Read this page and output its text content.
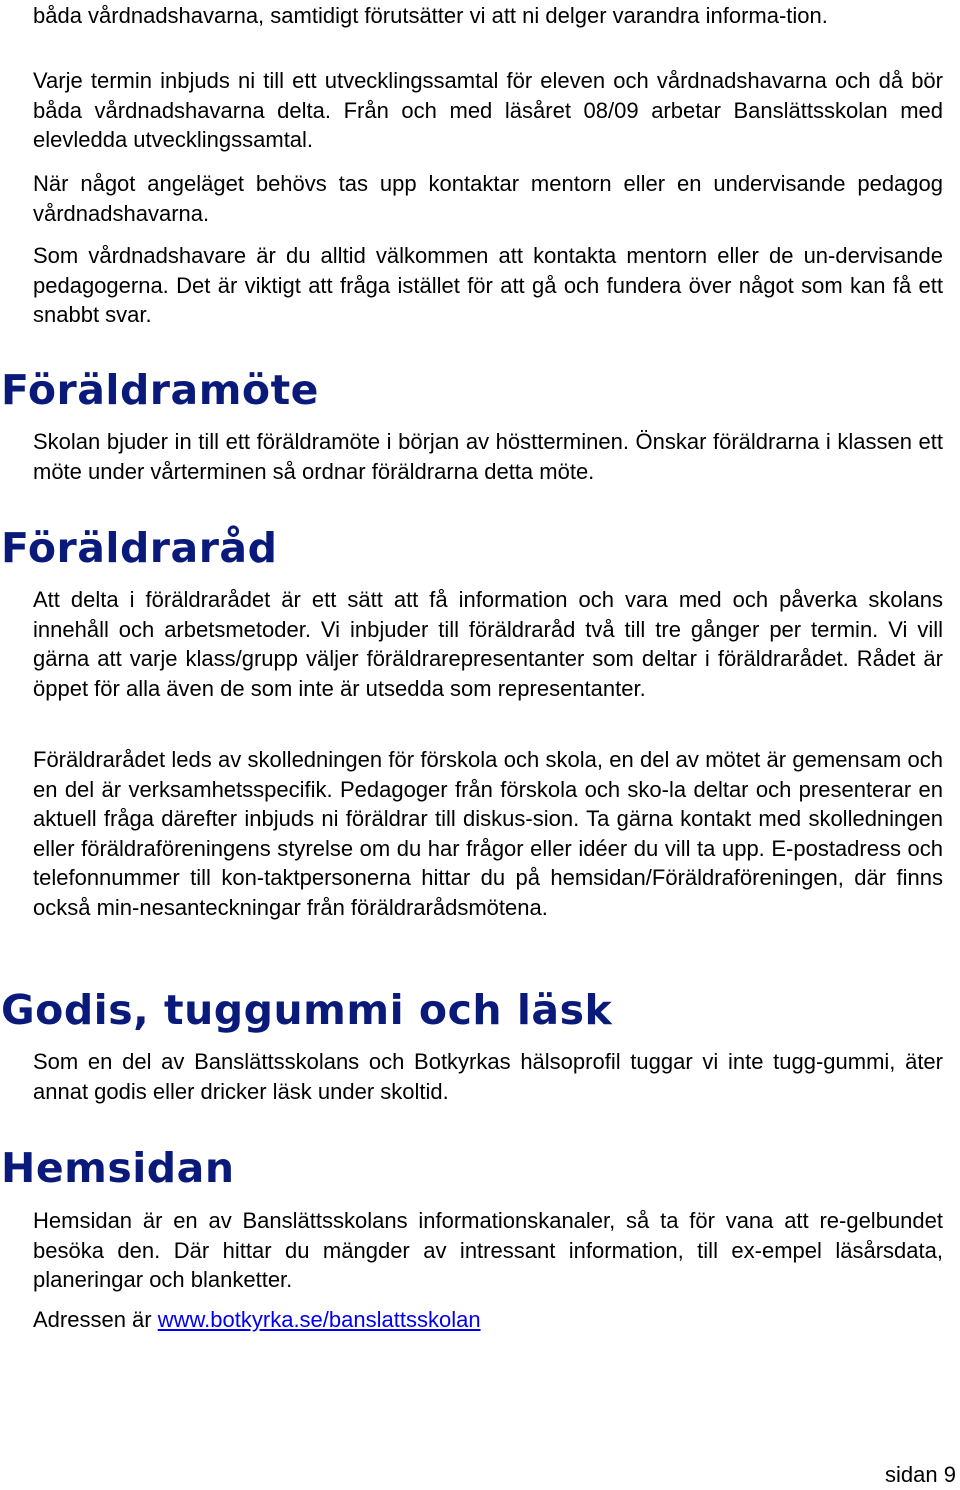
båda vårdnadshavarna, samtidigt förutsätter vi att ni delger varandra informa-tion.

Varje termin inbjuds ni till ett utvecklingssamtal för eleven och vårdnadshavarna och då bör båda vårdnadshavarna delta. Från och med läsåret 08/09 arbetar Banslättsskolan med elevledda utvecklingssamtal.

När något angeläget behövs tas upp kontaktar mentorn eller en undervisande pedagog vårdnadshavarna.

Som vårdnadshavare är du alltid välkommen att kontakta mentorn eller de un-dervisande pedagogerna. Det är viktigt att fråga istället för att gå och fundera över något som kan få ett snabbt svar.

Föräldramöte

Skolan bjuder in till ett föräldramöte i början av höstterminen. Önskar föräldrarna i klassen ett möte under vårterminen så ordnar föräldrarna detta möte.

Föräldraråd

Att delta i föräldrarådet är ett sätt att få information och vara med och påverka skolans innehåll och arbetsmetoder. Vi inbjuder till föräldraråd två till tre gånger per termin. Vi vill gärna att varje klass/grupp väljer föräldrarepresentanter som deltar i föräldrarådet. Rådet är öppet för alla även de som inte är utsedda som representanter.

Föräldrarådet leds av skolledningen för förskola och skola, en del av mötet är gemensam och en del är verksamhetsspecifik. Pedagoger från förskola och sko-la deltar och presenterar en aktuell fråga därefter inbjuds ni föräldrar till diskus-sion. Ta gärna kontakt med skolledningen eller föräldraföreningens styrelse om du har frågor eller idéer du vill ta upp. E-postadress och telefonnummer till kon-taktpersonerna hittar du på hemsidan/Föräldraföreningen, där finns också min-nesanteckningar från föräldrarådsmötena.

Godis, tuggummi och läsk

Som en del av Banslättsskolans och Botkyrkas hälsoprofil tuggar vi inte tugg-gummi, äter annat godis eller dricker läsk under skoltid.

Hemsidan

Hemsidan är en av Banslättsskolans informationskanaler, så ta för vana att re-gelbundet besöka den. Där hittar du mängder av intressant information, till ex-empel läsårsdata, planeringar och blanketter.

Adressen är www.botkyrka.se/banslattsskolan

sidan 9
